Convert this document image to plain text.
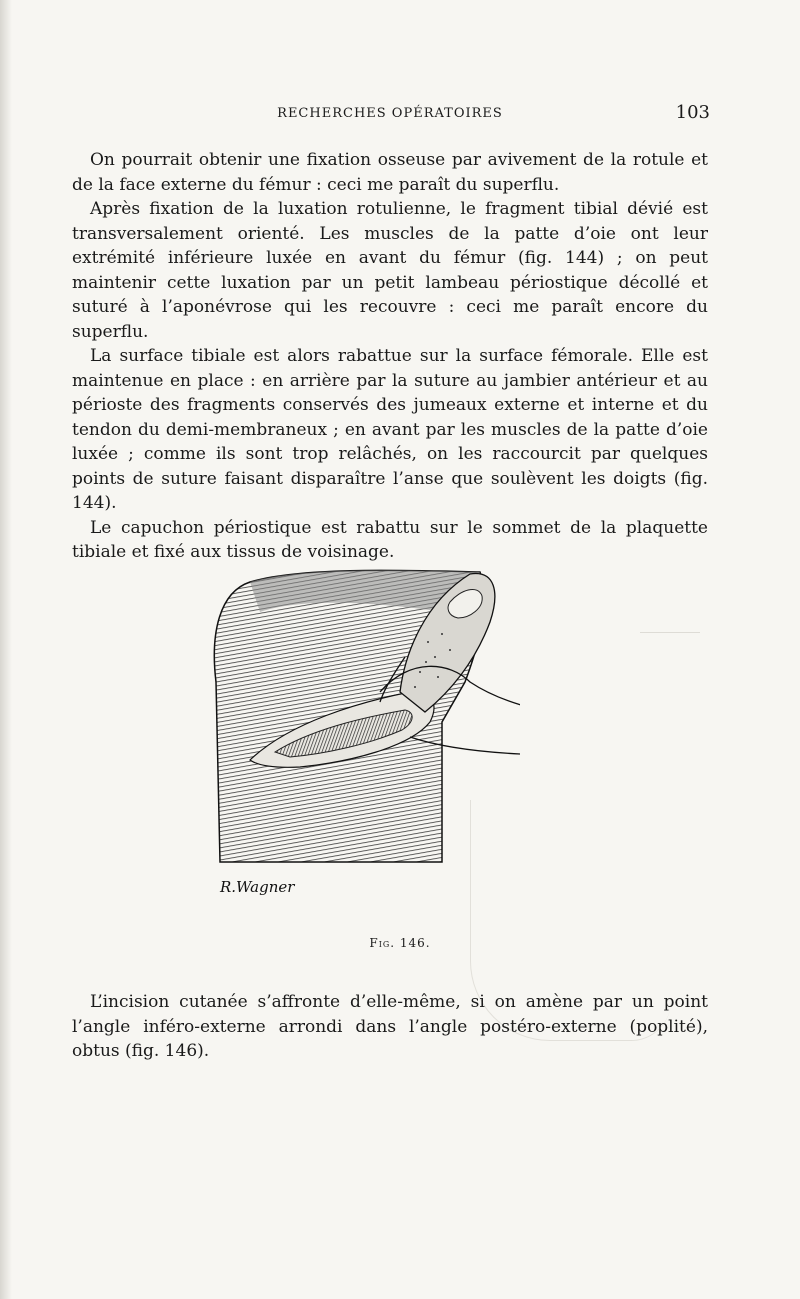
RECHERCHES OPÉRATOIRES	103

On pourrait obtenir une fixation osseuse par avivement de la rotule et de la face externe du fémur : ceci me paraît du superflu.

Après fixation de la luxation rotulienne, le fragment tibial dévié est transversalement orienté. Les muscles de la patte d’oie ont leur extrémité inférieure luxée en avant du fémur (fig. 144) ; on peut maintenir cette luxation par un petit lambeau périostique décollé et suturé à l’aponévrose qui les recouvre : ceci me paraît encore du superflu.

La surface tibiale est alors rabattue sur la surface fémorale. Elle est maintenue en place : en arrière par la suture au jambier antérieur et au périoste des fragments conservés des jumeaux externe et interne et du tendon du demi-membraneux ; en avant par les muscles de la patte d’oie luxée ; comme ils sont trop relâchés, on les raccourcit par quelques points de suture faisant disparaître l’anse que soulèvent les doigts (fig. 144).

Le capuchon périostique est rabattu sur le sommet de la plaquette tibiale et fixé aux tissus de voisinage.

R.Wagner
Fig. 146.

L’incision cutanée s’affronte d’elle-même, si on amène par un point l’angle inféro-externe arrondi dans l’angle postéro-externe (poplité), obtus (fig. 146).
